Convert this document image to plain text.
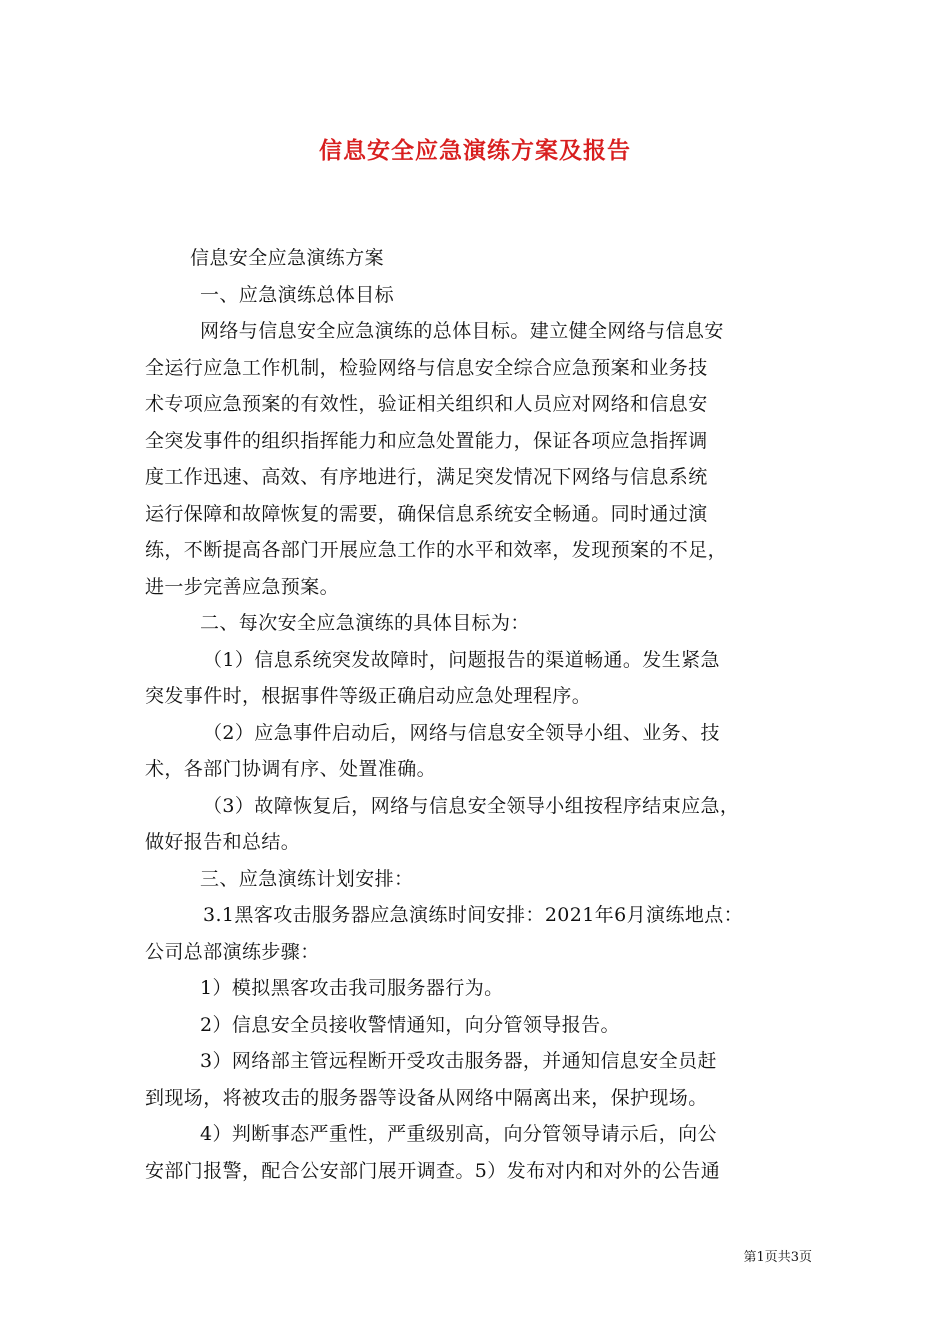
信息安全应急演练方案及报告

信息安全应急演练方案

一、应急演练总体目标

网络与信息安全应急演练的总体目标。建立健全网络与信息安

全运行应急工作机制，检验网络与信息安全综合应急预案和业务技

术专项应急预案的有效性，验证相关组织和人员应对网络和信息安

全突发事件的组织指挥能力和应急处置能力，保证各项应急指挥调

度工作迅速、高效、有序地进行，满足突发情况下网络与信息系统

运行保障和故障恢复的需要，确保信息系统安全畅通。同时通过演

练，不断提高各部门开展应急工作的水平和效率，发现预案的不足，

进一步完善应急预案。

二、每次安全应急演练的具体目标为：

（1）信息系统突发故障时，问题报告的渠道畅通。发生紧急

突发事件时，根据事件等级正确启动应急处理程序。

（2）应急事件启动后，网络与信息安全领导小组、业务、技

术，各部门协调有序、处置准确。

（3）故障恢复后，网络与信息安全领导小组按程序结束应急，

做好报告和总结。

三、应急演练计划安排：

3.1黑客攻击服务器应急演练时间安排：2021年6月演练地点：

公司总部演练步骤：

1）模拟黑客攻击我司服务器行为。

2）信息安全员接收警情通知，向分管领导报告。

3）网络部主管远程断开受攻击服务器，并通知信息安全员赶

到现场，将被攻击的服务器等设备从网络中隔离出来，保护现场。

4）判断事态严重性，严重级别高，向分管领导请示后，向公

安部门报警，配合公安部门展开调查。5）发布对内和对外的公告通

第1页共3页
